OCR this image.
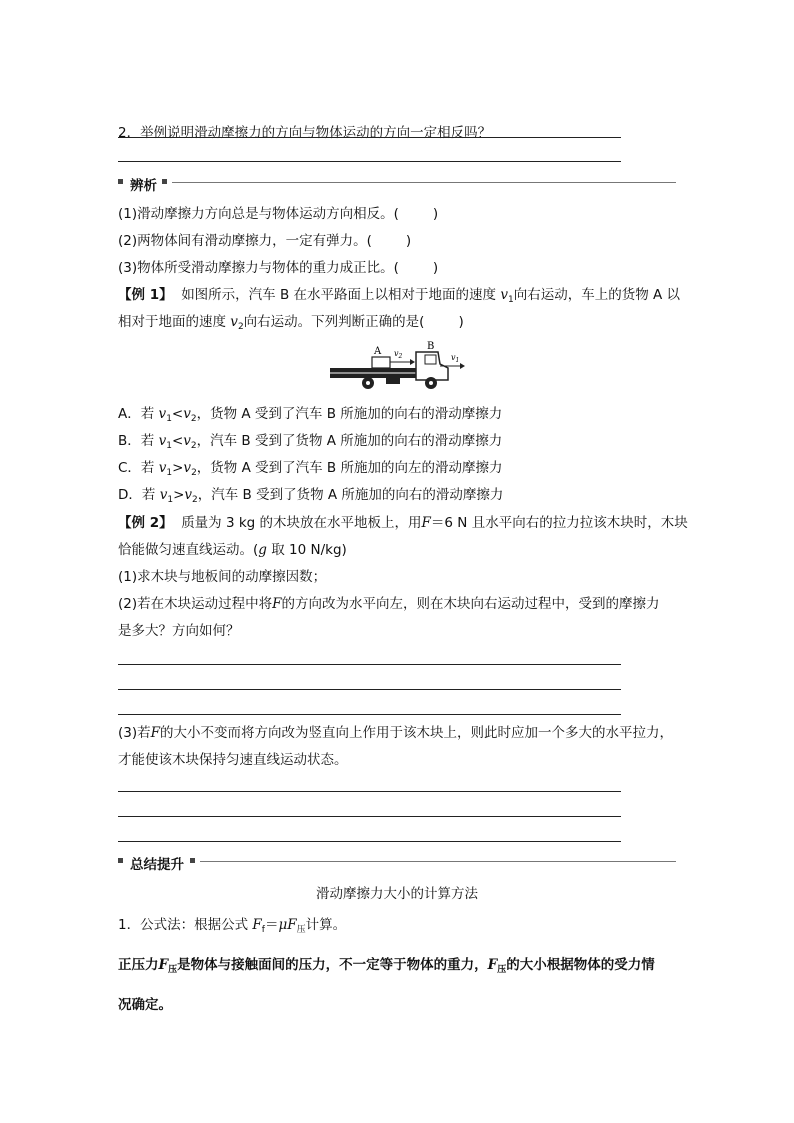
2．举例说明滑动摩擦力的方向与物体运动的方向一定相反吗？
辨析
(1)滑动摩擦力方向总是与物体运动方向相反。(	)
(2)两物体间有滑动摩擦力，一定有弹力。(	)
(3)物体所受滑动摩擦力与物体的重力成正比。(	)
【例 1】 如图所示，汽车 B 在水平路面上以相对于地面的速度 $v_1$向右运动，车上的货物 A 以
相对于地面的速度 $v_2$向右运动。下列判断正确的是(	)
A $v_2$
B
$v_1$
A．若 $v_1<v_2$，货物 A 受到了汽车 B 所施加的向右的滑动摩擦力
B．若 $v_1<v_2$，汽车 B 受到了货物 A 所施加的向右的滑动摩擦力
C．若 $v_1>v_2$，货物 A 受到了汽车 B 所施加的向左的滑动摩擦力
D．若 $v_1>v_2$，汽车 B 受到了货物 A 所施加的向右的滑动摩擦力
【例 2】 质量为 3 kg 的木块放在水平地板上，用F＝6 N 且水平向右的拉力拉该木块时，木块
恰能做匀速直线运动。(g 取 10 N/kg)
(1)求木块与地板间的动摩擦因数；
(2)若在木块运动过程中将F的方向改为水平向左，则在木块向右运动过程中，受到的摩擦力
是多大？方向如何？
(3)若F的大小不变而将方向改为竖直向上作用于该木块上，则此时应加一个多大的水平拉力，
才能使该木块保持匀速直线运动状态。
总结提升
滑动摩擦力大小的计算方法
1．公式法：根据公式 $F_f=\mu F_压$计算。
正压力$F_压$是物体与接触面间的压力，不一定等于物体的重力，$F_压$的大小根据物体的受力情
况确定。
